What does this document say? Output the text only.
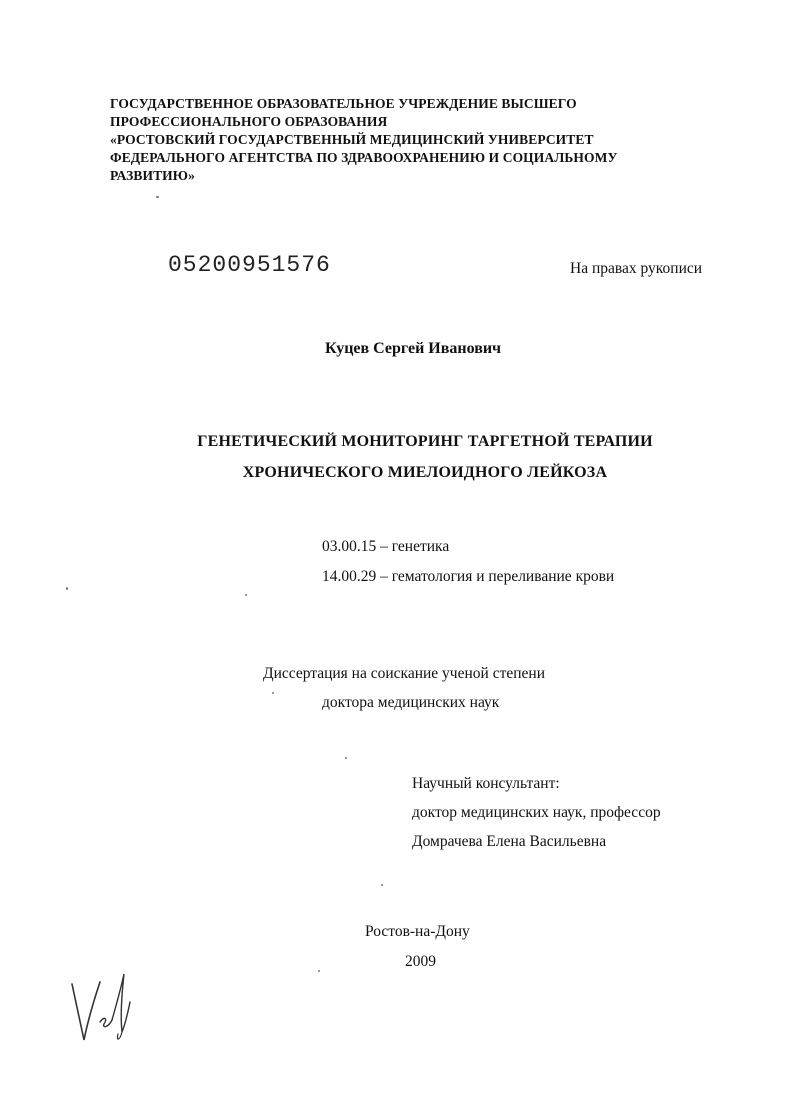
ГОСУДАРСТВЕННОЕ ОБРАЗОВАТЕЛЬНОЕ УЧРЕЖДЕНИЕ ВЫСШЕГО
ПРОФЕССИОНАЛЬНОГО ОБРАЗОВАНИЯ
«РОСТОВСКИЙ ГОСУДАРСТВЕННЫЙ МЕДИЦИНСКИЙ УНИВЕРСИТЕТ
ФЕДЕРАЛЬНОГО АГЕНТСТВА ПО ЗДРАВООХРАНЕНИЮ И СОЦИАЛЬНОМУ
РАЗВИТИЮ»
05200951576	На правах рукописи
Куцев Сергей Иванович
ГЕНЕТИЧЕСКИЙ МОНИТОРИНГ ТАРГЕТНОЙ ТЕРАПИИ
ХРОНИЧЕСКОГО МИЕЛОИДНОГО ЛЕЙКОЗА
03.00.15 – генетика
14.00.29 – гематология и переливание крови
Диссертация на соискание ученой степени
доктора медицинских наук
Научный консультант:
доктор медицинских наук, профессор
Домрачева Елена Васильевна
Ростов-на-Дону
2009
